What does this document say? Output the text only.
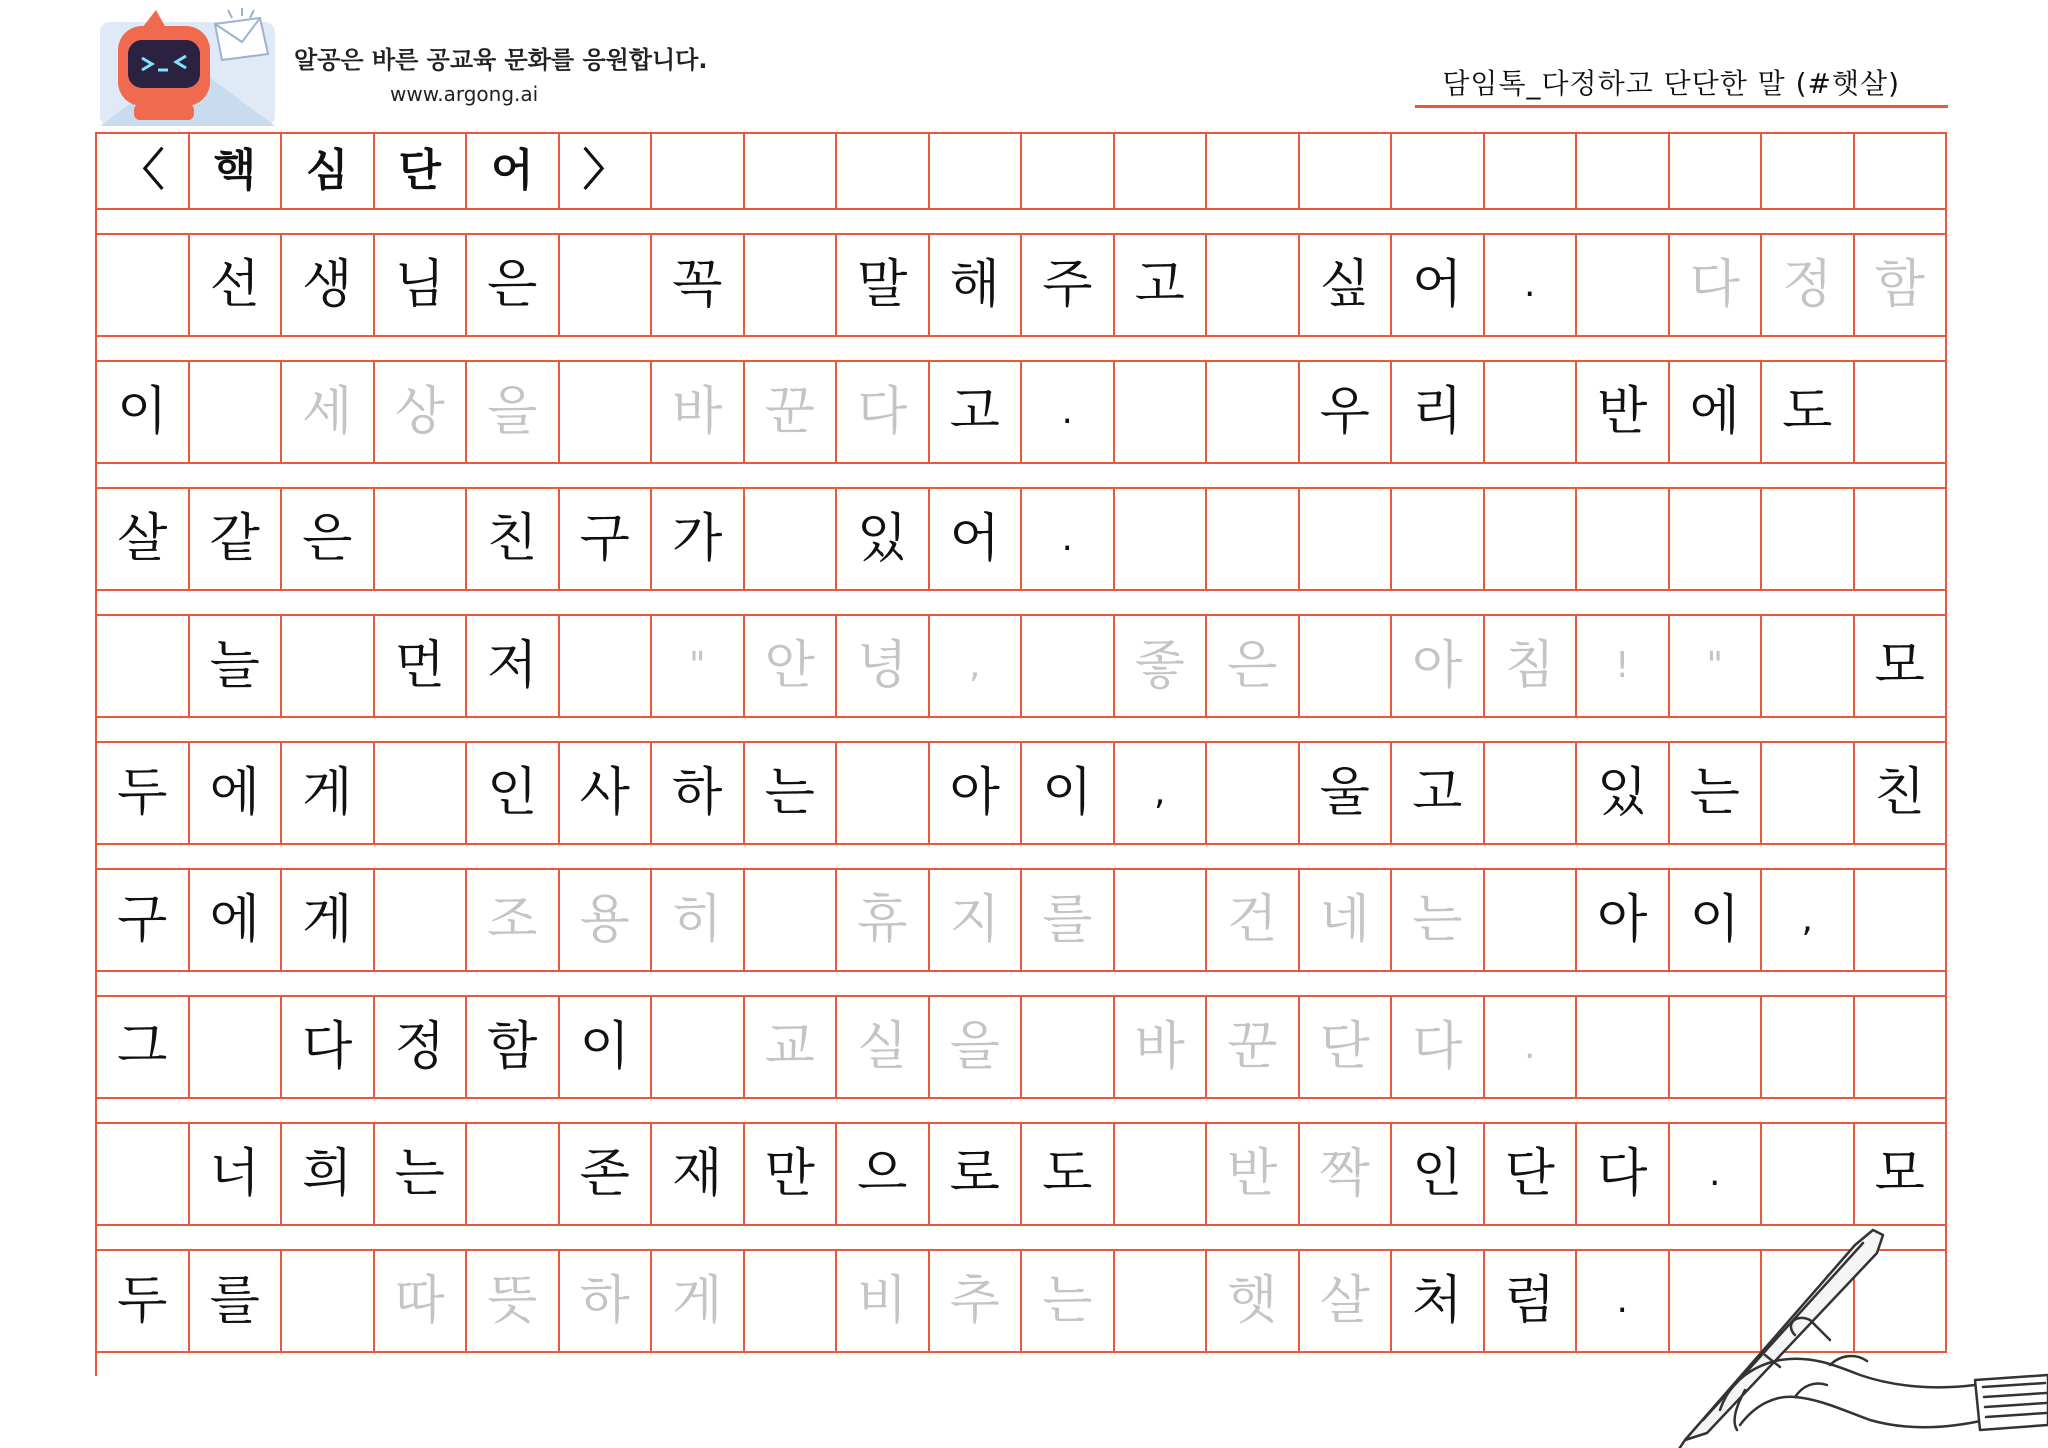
알공은 바른 공교육 문화를 응원합니다.
www.argong.ai	담임톡_다정하고 단단한 말 (#햇살)
〈	핵	심	단	어	〉
선 생 님 은	꼭	말 해 주 고	싶 어	.	다 정 함
이	세 상 을	바 꾼 다 고	.	우 리	반 에 도
살 같 은	친 구 가	있 어	.
늘	먼 저	"	안 녕	,	좋 은	아 침	!	"	모
두 에 게	인 사 하 는	아 이	,	울 고	있 는	친
구 에 게	조 용 히	휴 지 를	건 네 는	아 이	,
그	다 정 함 이	교 실 을	바 꾼 단 다	.
너 희 는	존 재 만 으 로 도	반 짝 인 단 다	.	모
두 를	따 뜻 하 게	비 추 는	햇 살 처 럼	.
